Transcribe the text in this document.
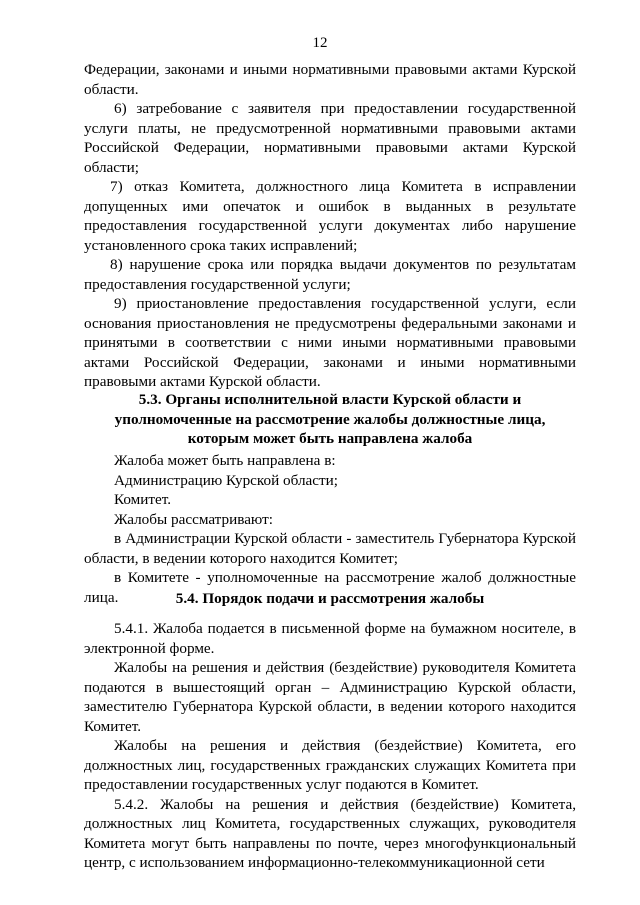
12

Федерации, законами и иными нормативными правовыми актами Курской области.

6) затребование с заявителя при предоставлении государственной услуги платы, не предусмотренной нормативными правовыми актами Российской Федерации, нормативными правовыми актами Курской области;

7) отказ Комитета, должностного лица Комитета в исправлении допущенных ими опечаток и ошибок в выданных в результате предоставления государственной услуги документах либо нарушение установленного срока таких исправлений;

8) нарушение срока или порядка выдачи документов по результатам предоставления государственной услуги;

9) приостановление предоставления государственной услуги, если основания приостановления не предусмотрены федеральными законами и принятыми в соответствии с ними иными нормативными правовыми актами Российской Федерации, законами и иными нормативными правовыми актами Курской области.

5.3. Органы исполнительной власти Курской области и уполномоченные на рассмотрение жалобы должностные лица, которым может быть направлена жалоба

Жалоба может быть направлена в:

Администрацию Курской области;

Комитет.

Жалобы рассматривают:

в Администрации Курской области - заместитель Губернатора Курской области, в ведении которого находится Комитет;

в Комитете - уполномоченные на рассмотрение жалоб должностные лица.	5.4. Порядок подачи и рассмотрения жалобы

5.4.1. Жалоба подается в письменной форме на бумажном носителе, в электронной форме.

Жалобы на решения и действия (бездействие) руководителя Комитета подаются в вышестоящий орган – Администрацию Курской области, заместителю Губернатора Курской области, в ведении которого находится Комитет.

Жалобы на решения и действия (бездействие) Комитета, его должностных лиц, государственных гражданских служащих Комитета при предоставлении государственных услуг подаются в Комитет.

5.4.2. Жалобы на решения и действия (бездействие) Комитета, должностных лиц Комитета, государственных служащих, руководителя Комитета могут быть направлены по почте, через многофункциональный центр, с использованием информационно-телекоммуникационной сети
